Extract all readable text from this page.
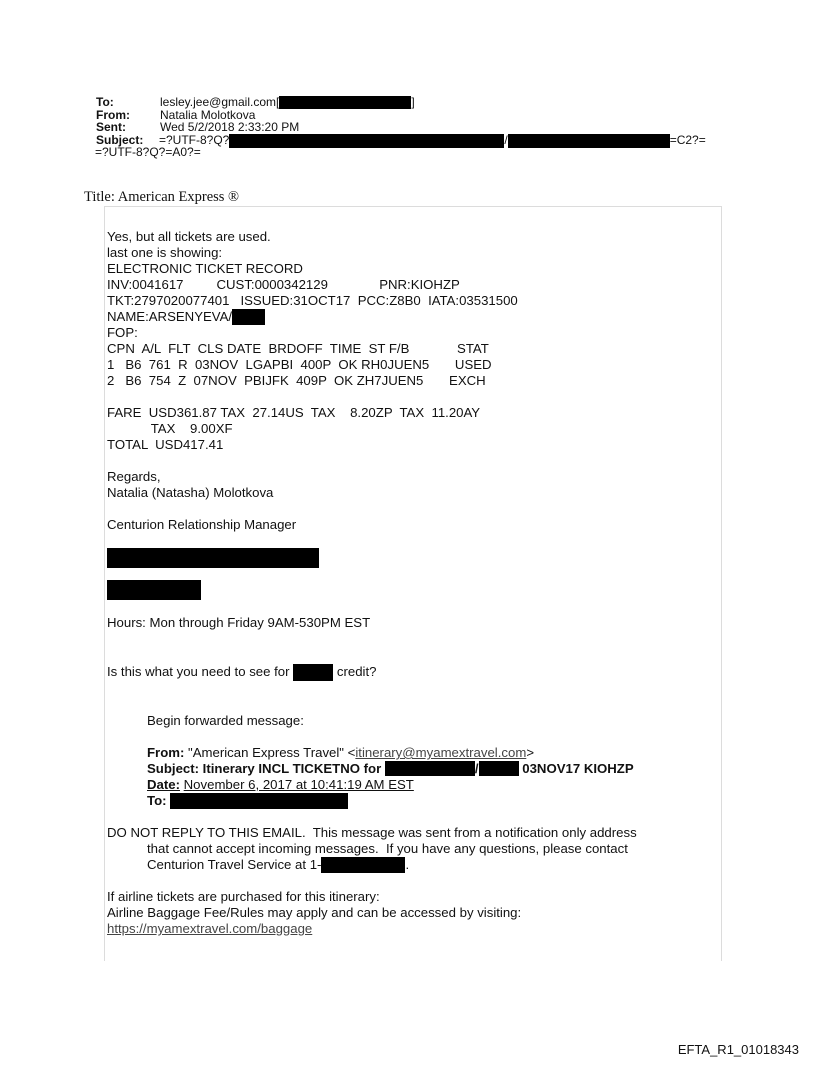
To:	lesley.jee@gmail.com[	]
From:	Natalia Molotkova
Sent:	Wed 5/2/2018 2:33:20 PM
Subject: =?UTF-8?Q?	/	=C2?=
=?UTF-8?Q?=A0?=
Title: American Express ®
Yes, but all tickets are used.
last one is showing:
ELECTRONIC TICKET RECORD
INV:0041617         CUST:0000342129              PNR:KIOHZP
TKT:2797020077401   ISSUED:31OCT17  PCC:Z8B0  IATA:03531500
NAME:ARSENYEVA/
FOP:
CPN  A/L  FLT  CLS DATE  BRDOFF  TIME  ST F/B             STAT
1   B6  761  R  03NOV  LGAPBI  400P  OK RH0JUEN5       USED
2   B6  754  Z  07NOV  PBIJFK  409P  OK ZH7JUEN5       EXCH
FARE  USD361.87 TAX  27.14US  TAX    8.20ZP  TAX  11.20AY
TAX    9.00XF
TOTAL  USD417.41
Regards,
Natalia (Natasha) Molotkova
Centurion Relationship Manager
Hours: Mon through Friday 9AM-530PM EST
Is this what you need to see for	credit?
Begin forwarded message:
From: "American Express Travel" <itinerary@myamextravel.com>
Subject: Itinerary INCL TICKETNO for	/	03NOV17 KIOHZP
Date: November 6, 2017 at 10:41:19 AM EST
To:
DO NOT REPLY TO THIS EMAIL.  This message was sent from a notification only address
that cannot accept incoming messages.  If you have any questions, please contact
Centurion Travel Service at 1-	.
If airline tickets are purchased for this itinerary:
Airline Baggage Fee/Rules may apply and can be accessed by visiting:
https://myamextravel.com/baggage
EFTA_R1_01018343
